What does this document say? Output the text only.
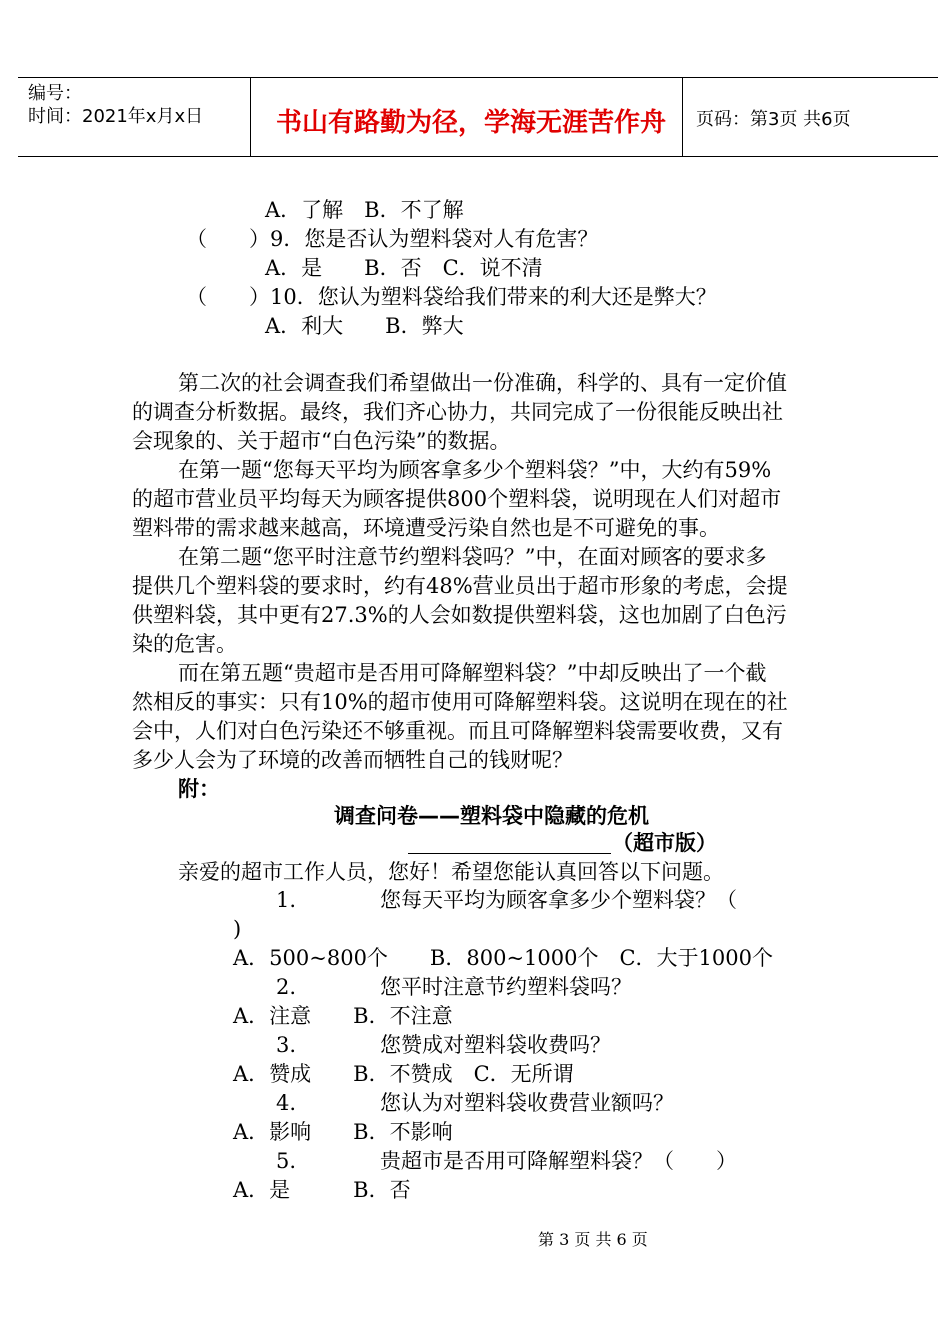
编号：
时间：2021年x月x日	书山有路勤为径，学海无涯苦作舟 页码：第3页 共6页
A．了解　B．不了解
（　　）9．您是否认为塑料袋对人有危害？
A．是　　B．否　C．说不清
（　　）10．您认为塑料袋给我们带来的利大还是弊大？
A．利大　　B．弊大
第二次的社会调查我们希望做出一份准确，科学的、具有一定价值
的调查分析数据。最终，我们齐心协力，共同完成了一份很能反映出社
会现象的、关于超市“白色污染”的数据。
在第一题“您每天平均为顾客拿多少个塑料袋？”中，大约有59%
的超市营业员平均每天为顾客提供800个塑料袋，说明现在人们对超市
塑料带的需求越来越高，环境遭受污染自然也是不可避免的事。
在第二题“您平时注意节约塑料袋吗？”中，在面对顾客的要求多
提供几个塑料袋的要求时，约有48%营业员出于超市形象的考虑，会提
供塑料袋，其中更有27.3%的人会如数提供塑料袋，这也加剧了白色污
染的危害。
而在第五题“贵超市是否用可降解塑料袋？”中却反映出了一个截
然相反的事实：只有10%的超市使用可降解塑料袋。这说明在现在的社
会中，人们对白色污染还不够重视。而且可降解塑料袋需要收费，又有
多少人会为了环境的改善而牺牲自己的钱财呢？
附：
调查问卷——塑料袋中隐藏的危机
（超市版）
亲爱的超市工作人员，您好！希望您能认真回答以下问题。
1.	您每天平均为顾客拿多少个塑料袋？（
)
A．500~800个　　B．800~1000个　C．大于1000个
2.	您平时注意节约塑料袋吗？
A．注意　　B．不注意
3.	您赞成对塑料袋收费吗？
A．赞成　　B．不赞成　C．无所谓
4.	您认为对塑料袋收费营业额吗？
A．影响　　B．不影响
5.	贵超市是否用可降解塑料袋？（　　）
A．是　　　B．否
第 3 页 共 6 页
